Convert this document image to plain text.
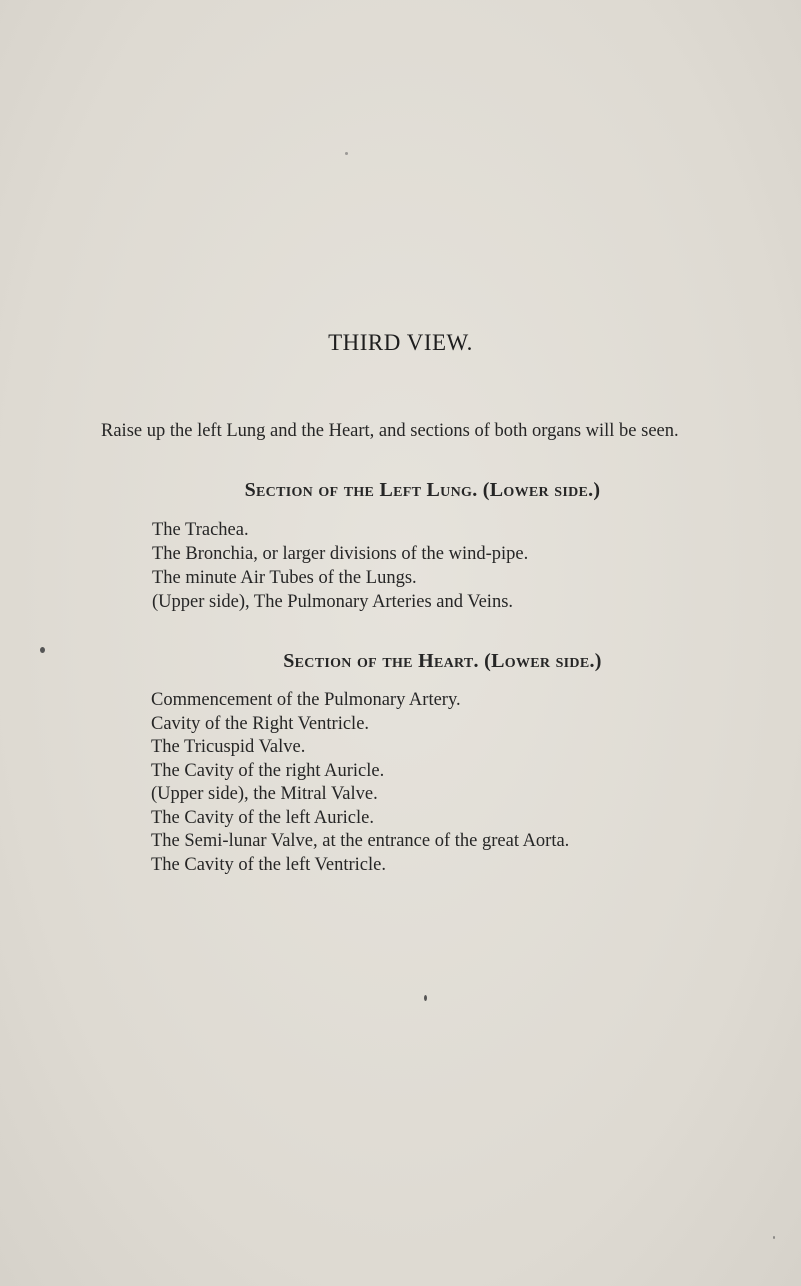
THIRD VIEW.

Raise up the left Lung and the Heart, and sections of both organs will be seen.

Section of the Left Lung. (Lower side.)
The Trachea.
The Bronchia, or larger divisions of the wind-pipe.
The minute Air Tubes of the Lungs.
(Upper side), The Pulmonary Arteries and Veins.
Section of the Heart. (Lower side.)
Commencement of the Pulmonary Artery.
Cavity of the Right Ventricle.
The Tricuspid Valve.
The Cavity of the right Auricle.
(Upper side), the Mitral Valve.
The Cavity of the left Auricle.
The Semi-lunar Valve, at the entrance of the great Aorta.
The Cavity of the left Ventricle.
